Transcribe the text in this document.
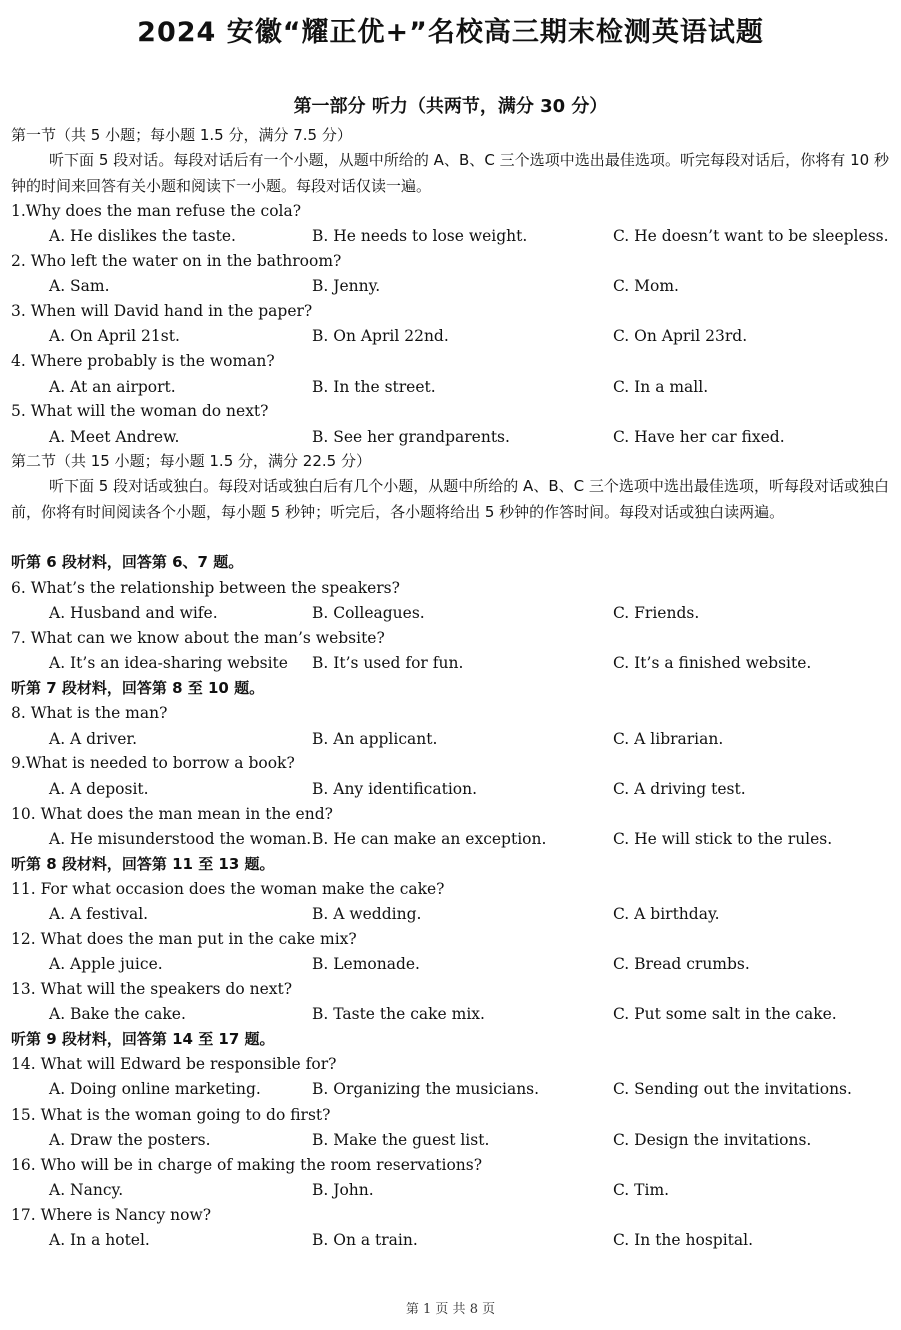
2024 安徽“耀正优+”名校高三期末检测英语试题
第一部分 听力（共两节，满分 30 分）
第一节（共 5 小题；每小题 1.5 分，满分 7.5 分）
听下面 5 段对话。每段对话后有一个小题，从题中所给的 A、B、C 三个选项中选出最佳选项。听完每段对话后，你将有 10 秒钟的时间来回答有关小题和阅读下一小题。每段对话仅读一遍。
1.Why does the man refuse the cola?
A. He dislikes the taste.	B. He needs to lose weight.	C. He doesn’t want to be sleepless.
2. Who left the water on in the bathroom?
A. Sam.	B. Jenny.	C. Mom.
3. When will David hand in the paper?
A. On April 21st.	B. On April 22nd.	C. On April 23rd.
4. Where probably is the woman?
A. At an airport.	B. In the street.	C. In a mall.
5. What will the woman do next?
A. Meet Andrew.	B. See her grandparents.	C. Have her car fixed.
第二节（共 15 小题；每小题 1.5 分，满分 22.5 分）
听下面 5 段对话或独白。每段对话或独白后有几个小题，从题中所给的 A、B、C 三个选项中选出最佳选项，听每段对话或独白前，你将有时间阅读各个小题，每小题 5 秒钟；听完后，各小题将给出 5 秒钟的作答时间。每段对话或独白读两遍。
听第 6 段材料，回答第 6、7 题。
6. What’s the relationship between the speakers?
A. Husband and wife.	B. Colleagues.	C. Friends.
7. What can we know about the man’s website?
A. It’s an idea-sharing website B. It’s used for fun.	C. It’s a finished website.
听第 7 段材料，回答第 8 至 10 题。
8. What is the man?
A. A driver.	B. An applicant.	C. A librarian.
9.What is needed to borrow a book?
A. A deposit.	B. Any identification.	C. A driving test.
10. What does the man mean in the end?
A. He misunderstood the woman. B. He can make an exception.	C. He will stick to the rules.
听第 8 段材料，回答第 11 至 13 题。
11. For what occasion does the woman make the cake?
A. A festival.	B. A wedding.	C. A birthday.
12. What does the man put in the cake mix?
A. Apple juice.	B. Lemonade.	C. Bread crumbs.
13. What will the speakers do next?
A. Bake the cake.	B. Taste the cake mix.	C. Put some salt in the cake.
听第 9 段材料，回答第 14 至 17 题。
14. What will Edward be responsible for?
A. Doing online marketing.	B. Organizing the musicians.	C. Sending out the invitations.
15. What is the woman going to do first?
A. Draw the posters.	B. Make the guest list.	C. Design the invitations.
16. Who will be in charge of making the room reservations?
A. Nancy.	B. John.	C. Tim.
17. Where is Nancy now?
A. In a hotel.	B. On a train.	C. In the hospital.
第 1 页 共 8 页
